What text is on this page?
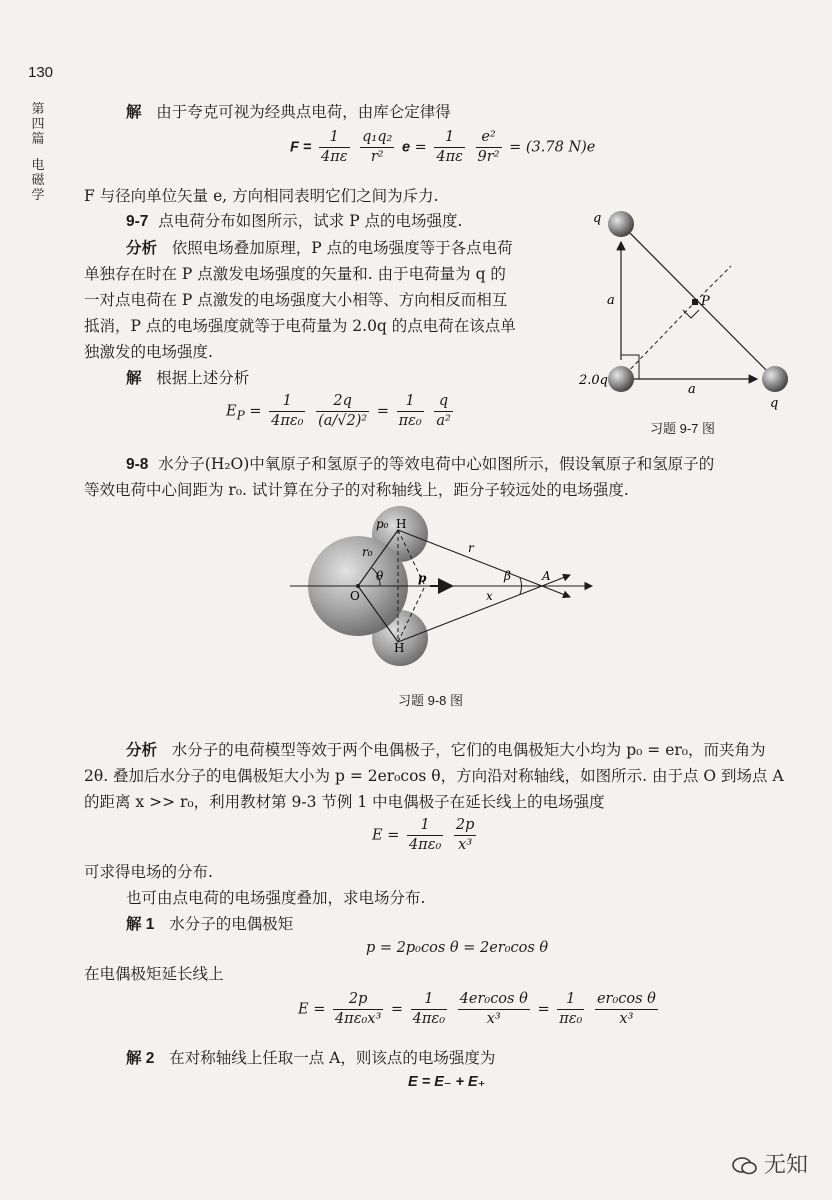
130
第四篇
电磁学
解 由于夸克可视为经典点电荷，由库仑定律得
$F = \frac{1}{4\pi\varepsilon}$
$\frac{\text{q₁q₂}}{\text{r²}}$ $e = \frac{1}{4\pi\varepsilon}$
$\frac{\text{e²}}{\text{9r²}} = (3.78$ N)e
F 与径向单位矢量 e, 方向相同表明它们之间为斥力.
9-7 点电荷分布如图所示，试求 P 点的电场强度.
分析 依照电场叠加原理，P 点的电场强度等于各点电荷
单独存在时在 P 点激发电场强度的矢量和. 由于电荷量为 q 的
一对点电荷在 P 点激发的电场强度大小相等、方向相反而相互
抵消，P 点的电场强度就等于电荷量为 2.0q 的点电荷在该点单
独激发的电场强度.
解 根据上述分析
$E_P = \frac{1}{\text{4πε₀}}$
$\frac{2q}{\text{(a/√2)²}} = \frac{1}{\text{πε₀}}$
$\frac{q}{\text{a²}}$
q
q
2.0q
a
a
P
习题 9-7 图
9-8 水分子(H₂O)中氧原子和氢原子的等效电荷中心如图所示，假设氧原子和氢原子的
等效电荷中心间距为 r₀. 试计算在分子的对称轴线上，距分子较远处的电场强度.
O
H
H
p₀
r₀
θ	p
r
β	A
x
习题 9-8 图
分析 水分子的电荷模型等效于两个电偶极子，它们的电偶极矩大小均为 p₀ = er₀，而夹角为
2θ. 叠加后水分子的电偶极矩大小为 p = 2er₀cos θ，方向沿对称轴线，如图所示. 由于点 O 到场点 A
的距离 x >> r₀，利用教材第 9-3 节例 1 中电偶极子在延长线上的电场强度
$E = \frac{1}{\text{4πε₀}}$
$\frac{2p}{\text{x³}}$
可求得电场的分布.
也可由点电荷的电场强度叠加，求电场分布.
解 1 水分子的电偶极矩
p = 2p₀cos θ = 2er₀cos θ
在电偶极矩延长线上
$E = \frac{2p}{\text{4πε₀x³}} = \frac{1}{\text{4πε₀}}$
$\frac{\text{4er₀cos θ}}{\text{x³}} = \frac{1}{\text{πε₀}}$
$\frac{\text{er₀cos θ}}{\text{x³}}$
解 2 在对称轴线上任取一点 A，则该点的电场强度为
E = E₋ + E₊
无知
